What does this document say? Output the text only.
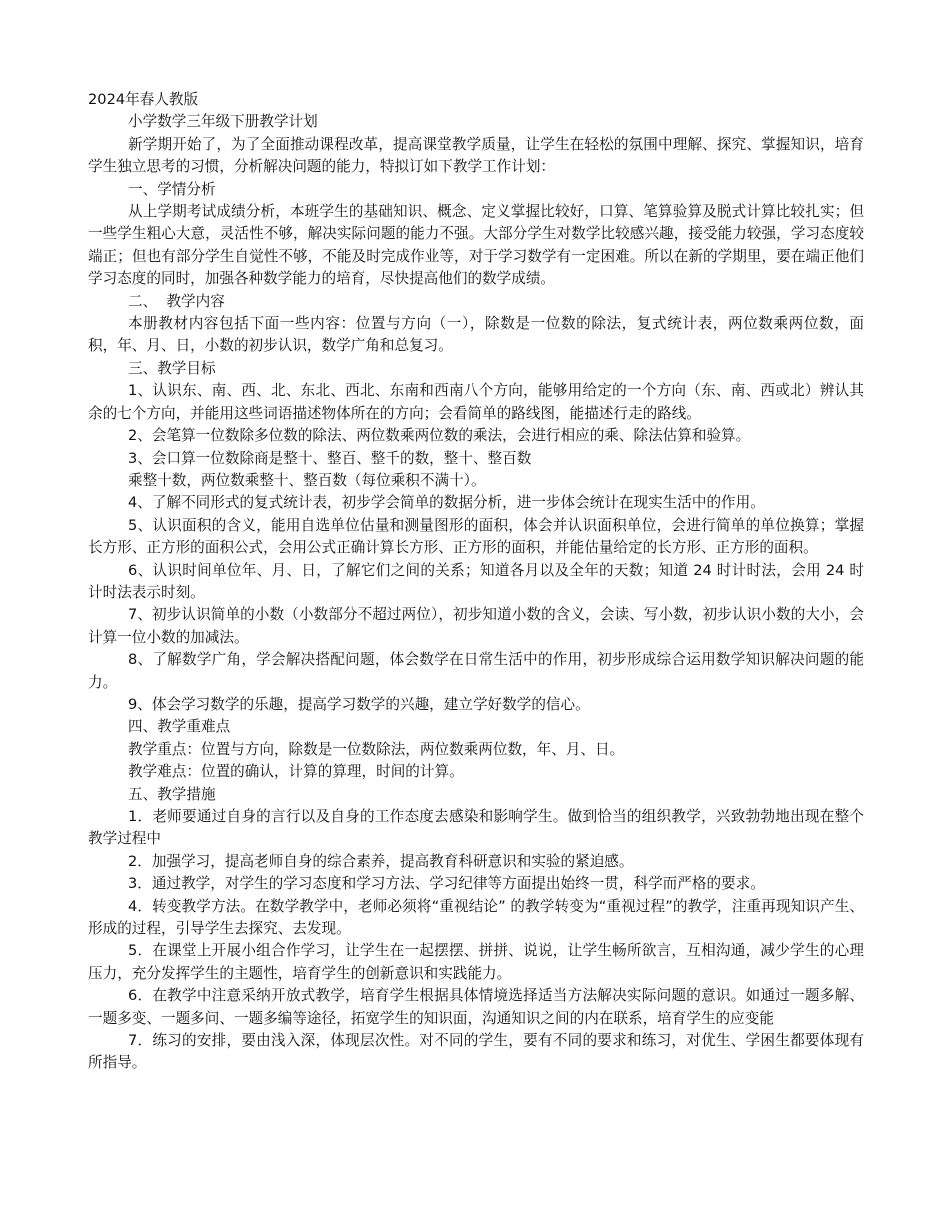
2024年春人教版

小学数学三年级下册教学计划

新学期开始了，为了全面推动课程改革，提高课堂教学质量，让学生在轻松的氛围中理解、探究、掌握知识，培育学生独立思考的习惯，分析解决问题的能力，特拟订如下教学工作计划：

一、学情分析

从上学期考试成绩分析，本班学生的基础知识、概念、定义掌握比较好，口算、笔算验算及脱式计算比较扎实；但一些学生粗心大意，灵活性不够，解决实际问题的能力不强。大部分学生对数学比较感兴趣，接受能力较强，学习态度较端正；但也有部分学生自觉性不够，不能及时完成作业等，对于学习数学有一定困难。所以在新的学期里，要在端正他们学习态度的同时，加强各种数学能力的培育，尽快提高他们的数学成绩。

二、  教学内容

本册教材内容包括下面一些内容：位置与方向（一），除数是一位数的除法，复式统计表，两位数乘两位数，面积，年、月、日，小数的初步认识，数学广角和总复习。

三、教学目标

1、认识东、南、西、北、东北、西北、东南和西南八个方向，能够用给定的一个方向（东、南、西或北）辨认其余的七个方向，并能用这些词语描述物体所在的方向；会看简单的路线图，能描述行走的路线。

2、会笔算一位数除多位数的除法、两位数乘两位数的乘法，会进行相应的乘、除法估算和验算。

3、会口算一位数除商是整十、整百、整千的数，整十、整百数

乘整十数，两位数乘整十、整百数（每位乘积不满十）。

4、了解不同形式的复式统计表，初步学会简单的数据分析，进一步体会统计在现实生活中的作用。

5、认识面积的含义，能用自选单位估量和测量图形的面积，体会并认识面积单位，会进行简单的单位换算；掌握长方形、正方形的面积公式，会用公式正确计算长方形、正方形的面积，并能估量给定的长方形、正方形的面积。

6、认识时间单位年、月、日，了解它们之间的关系；知道各月以及全年的天数；知道 24 时计时法，会用 24 时计时法表示时刻。

7、初步认识简单的小数（小数部分不超过两位），初步知道小数的含义，会读、写小数，初步认识小数的大小，会计算一位小数的加减法。

8、了解数学广角，学会解决搭配问题，体会数学在日常生活中的作用，初步形成综合运用数学知识解决问题的能力。

9、体会学习数学的乐趣，提高学习数学的兴趣，建立学好数学的信心。

四、教学重难点

教学重点：位置与方向，除数是一位数除法，两位数乘两位数，年、月、日。

教学难点：位置的确认，计算的算理，时间的计算。

五、教学措施

1．老师要通过自身的言行以及自身的工作态度去感染和影响学生。做到恰当的组织教学，兴致勃勃地出现在整个教学过程中

2．加强学习，提高老师自身的综合素养，提高教育科研意识和实验的紧迫感。

3．通过教学，对学生的学习态度和学习方法、学习纪律等方面提出始终一贯，科学而严格的要求。

4．转变教学方法。在数学教学中，老师必须将“重视结论” 的教学转变为“重视过程”的教学，注重再现知识产生、形成的过程，引导学生去探究、去发现。

5．在课堂上开展小组合作学习，让学生在一起摆摆、拼拼、说说，让学生畅所欲言，互相沟通，减少学生的心理压力，充分发挥学生的主题性，培育学生的创新意识和实践能力。

6．在教学中注意采纳开放式教学，培育学生根据具体情境选择适当方法解决实际问题的意识。如通过一题多解、一题多变、一题多问、一题多编等途径，拓宽学生的知识面，沟通知识之间的内在联系，培育学生的应变能

7．练习的安排，要由浅入深，体现层次性。对不同的学生，要有不同的要求和练习，对优生、学困生都要体现有所指导。
